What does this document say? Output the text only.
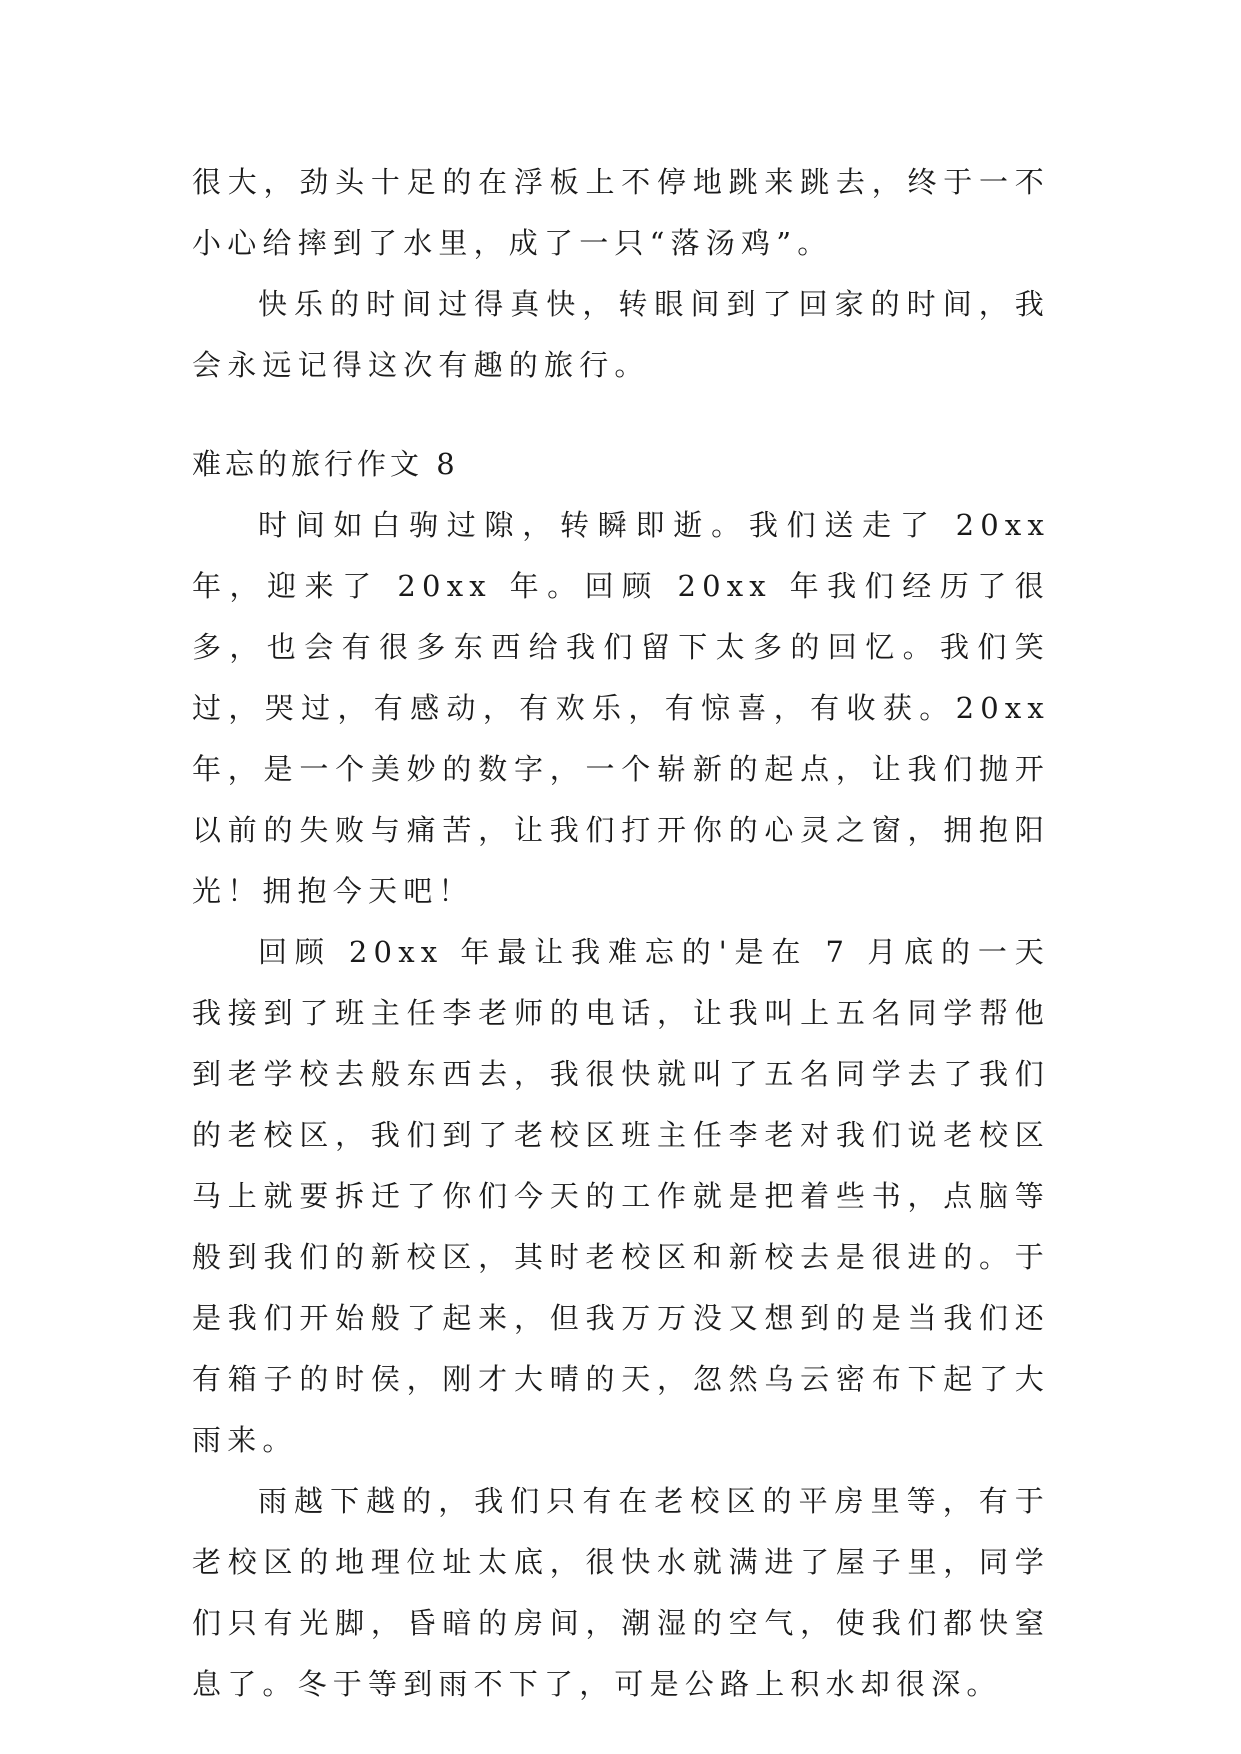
很大，劲头十足的在浮板上不停地跳来跳去，终于一不小心给摔到了水里，成了一只“落汤鸡”。

快乐的时间过得真快，转眼间到了回家的时间，我会永远记得这次有趣的旅行。

难忘的旅行作文 8

时间如白驹过隙，转瞬即逝。我们送走了 20xx 年，迎来了 20xx 年。回顾 20xx 年我们经历了很多，也会有很多东西给我们留下太多的回忆。我们笑过，哭过，有感动，有欢乐，有惊喜，有收获。20xx 年，是一个美妙的数字，一个崭新的起点，让我们抛开以前的失败与痛苦，让我们打开你的心灵之窗，拥抱阳光！拥抱今天吧！

回顾 20xx 年最让我难忘的'是在 7 月底的一天我接到了班主任李老师的电话，让我叫上五名同学帮他到老学校去般东西去，我很快就叫了五名同学去了我们的老校区，我们到了老校区班主任李老对我们说老校区马上就要拆迁了你们今天的工作就是把着些书，点脑等般到我们的新校区，其时老校区和新校去是很进的。于是我们开始般了起来，但我万万没又想到的是当我们还有箱子的时侯，刚才大晴的天，忽然乌云密布下起了大雨来。

雨越下越的，我们只有在老校区的平房里等，有于老校区的地理位址太底，很快水就满进了屋子里，同学们只有光脚，昏暗的房间，潮湿的空气，使我们都快窒息了。冬于等到雨不下了，可是公路上积水却很深。
